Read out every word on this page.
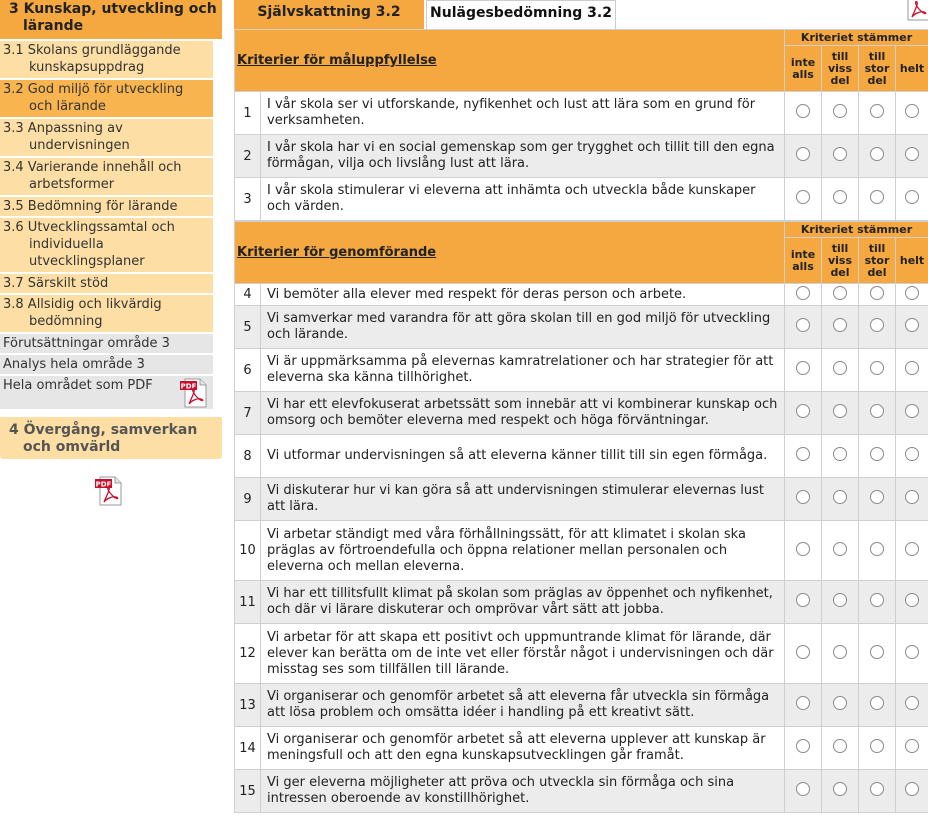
3 Kunskap, utveckling och lärande
3.1 Skolans grundläggande kunskapsuppdrag
3.2 God miljö för utveckling och lärande
3.3 Anpassning av undervisningen
3.4 Varierande innehåll och arbetsformer
3.5 Bedömning för lärande
3.6 Utvecklingssamtal och individuella utvecklingsplaner
3.7 Särskilt stöd
3.8 Allsidig och likvärdig bedömning
Förutsättningar område 3
Analys hela område 3
Hela området som PDF	PDF
4 Övergång, samverkan och omvärld
PDF
Självskattning 3.2	Nulägesbedömning 3.2
Kriterier för måluppfyllelse		Kriteriet stämmer			
		inte alls	till viss del	till stor del	helt
1	I vår skola ser vi utforskande, nyfikenhet och lust att lära som en grund för verksamheten.				
2	I vår skola har vi en social gemenskap som ger trygghet och tillit till den egna förmågan, vilja och livslång lust att lära.				
3	I vår skola stimulerar vi eleverna att inhämta och utveckla både kunskaper och värden.				
Kriterier för genomförande		Kriteriet stämmer			
		inte alls	till viss del	till stor del	helt
4	Vi bemöter alla elever med respekt för deras person och arbete.				
5	Vi samverkar med varandra för att göra skolan till en god miljö för utveckling och lärande.				
6	Vi är uppmärksamma på elevernas kamratrelationer och har strategier för att eleverna ska känna tillhörighet.				
7	Vi har ett elevfokuserat arbetssätt som innebär att vi kombinerar kunskap och omsorg och bemöter eleverna med respekt och höga förväntningar.				
8	Vi utformar undervisningen så att eleverna känner tillit till sin egen förmåga.				
9	Vi diskuterar hur vi kan göra så att undervisningen stimulerar elevernas lust att lära.				
10	Vi arbetar ständigt med våra förhållningssätt, för att klimatet i skolan ska präglas av förtroendefulla och öppna relationer mellan personalen och eleverna och mellan eleverna.				
11	Vi har ett tillitsfullt klimat på skolan som präglas av öppenhet och nyfikenhet, och där vi lärare diskuterar och omprövar vårt sätt att jobba.				
12	Vi arbetar för att skapa ett positivt och uppmuntrande klimat för lärande, där elever kan berätta om de inte vet eller förstår något i undervisningen och där misstag ses som tillfällen till lärande.				
13	Vi organiserar och genomför arbetet så att eleverna får utveckla sin förmåga att lösa problem och omsätta idéer i handling på ett kreativt sätt.				
14	Vi organiserar och genomför arbetet så att eleverna upplever att kunskap är meningsfull och att den egna kunskapsutvecklingen går framåt.				
15	Vi ger eleverna möjligheter att pröva och utveckla sin förmåga och sina intressen oberoende av konstillhörighet.				
